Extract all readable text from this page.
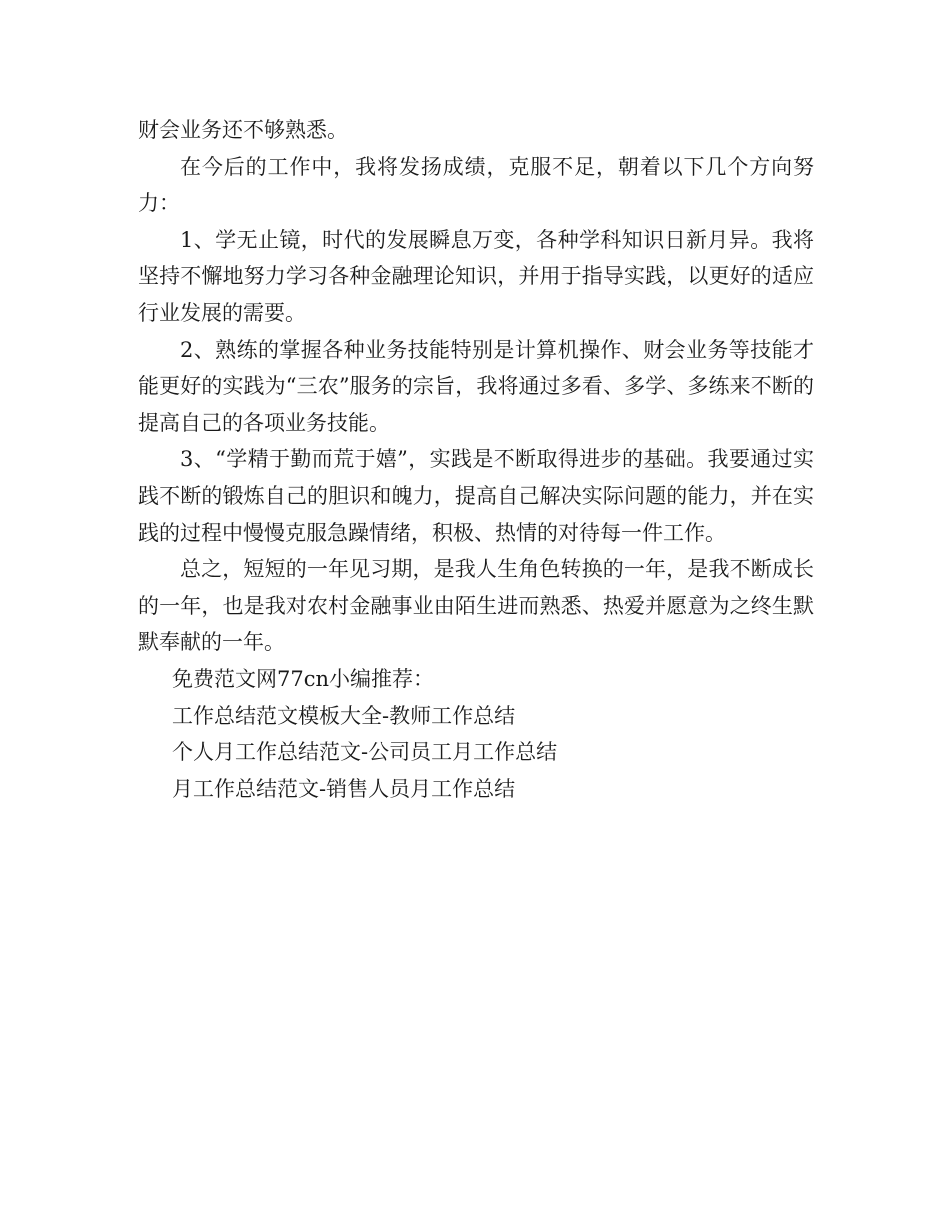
财会业务还不够熟悉。

在今后的工作中，我将发扬成绩，克服不足，朝着以下几个方向努力：

1、学无止镜，时代的发展瞬息万变，各种学科知识日新月异。我将坚持不懈地努力学习各种金融理论知识，并用于指导实践，以更好的适应行业发展的需要。

2、熟练的掌握各种业务技能特别是计算机操作、财会业务等技能才能更好的实践为“三农”服务的宗旨，我将通过多看、多学、多练来不断的提高自己的各项业务技能。

3、“学精于勤而荒于嬉”，实践是不断取得进步的基础。我要通过实践不断的锻炼自己的胆识和魄力，提高自己解决实际问题的能力，并在实践的过程中慢慢克服急躁情绪，积极、热情的对待每一件工作。

总之，短短的一年见习期，是我人生角色转换的一年，是我不断成长的一年，也是我对农村金融事业由陌生进而熟悉、热爱并愿意为之终生默默奉献的一年。

免费范文网77cn小编推荐：

工作总结范文模板大全-教师工作总结

个人月工作总结范文-公司员工月工作总结

月工作总结范文-销售人员月工作总结
